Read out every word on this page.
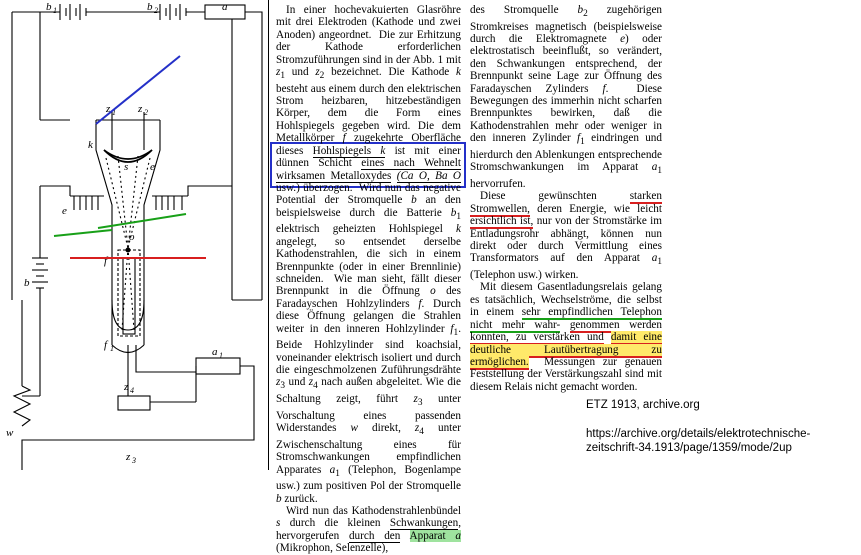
b 1	b 2	a
z 1 z 2
k
s e
e
o
f
f 1
z 4
a 1
b
z 3
w

In einer hochevakuierten Glasröhre mit drei Elektroden (Kathode und zwei Anoden) angeordnet.  Die zur Erhitzung der Kathode erforderlichen Stromzuführungen sind in der Abb. 1 mit $z_1$ und $z_2$ bezeichnet. Die Kathode k besteht aus einem durch den elektrischen Strom heizbaren, hitzebeständigen Körper, dem die Form eines Hohlspiegels gegeben wird. Die dem Metallkörper f zugekehrte Oberfläche dieses Hohlspiegels k ist mit einer dünnen Schicht eines nach Wehnelt wirksamen Metalloxydes (Ca O, Ba O usw.) überzogen.  Wird nun das negative Potential der Stromquelle b an den beispielsweise durch die Batterie $b_1$ elektrisch geheizten Hohlspiegel k angelegt, so entsendet derselbe Kathodenstrahlen, die sich in einem Brennpunkte (oder in einer Brennlinie) schneiden.  Wie man sieht, fällt dieser Brennpunkt in die Öffnung o des Faradayschen Hohlzylinders f. Durch diese Öffnung gelangen die Strahlen weiter in den inneren Hohlzylinder $f_1$. Beide Hohlzylinder sind koachsial, voneinander elektrisch isoliert und durch die eingeschmolzenen Zuführungsdrähte $z_3$ und $z_4$ nach außen abgeleitet. Wie die Schaltung zeigt, führt $z_3$ unter Vorschaltung eines passenden Widerstandes w direkt, $z_4$ unter Zwischenschaltung eines für Stromschwankungen empfindlichen Apparates $a_1$ (Telephon, Bogenlampe usw.) zum positiven Pol der Stromquelle b zurück.

Wird nun das Kathodenstrahlenbündel s durch die kleinen Schwankungen, hervorgerufen durch den Apparat a (Mikrophon, Selenzelle),

des Stromquelle $b_2$ zugehörigen Stromkreises magnetisch (beispielsweise durch die Elektromagnete e) oder elektrostatisch beeinflußt, so verändert, den Schwankungen entsprechend, der Brennpunkt seine Lage zur Öffnung des Faradayschen Zylinders f.  Diese Bewegungen des immerhin nicht scharfen Brennpunktes bewirken, daß die Kathodenstrahlen mehr oder weniger in den inneren Zylinder $f_1$ eindringen und hierdurch den Ablenkungen entsprechende Stromschwankungen im Apparat $a_1$ hervorrufen.

Diese gewünschten starken Stromwellen, deren Energie, wie leicht ersichtlich ist, nur von der Stromstärke im Entladungsrohr abhängt, können nun direkt oder durch Vermittlung eines Transformators auf den Apparat $a_1$ (Telephon usw.) wirken.

Mit diesem Gasentladungsrelais gelang es tatsächlich, Wechselströme, die selbst in einem sehr empfindlichen Telephon nicht mehr wahr- genommen werden konnten, zu verstärken und damit eine deutliche Lautübertragung zu ermöglichen.  Messungen zur genauen Feststellung der Verstärkungszahl sind mit diesem Relais nicht gemacht worden.

ETZ 1913, archive.org
https://archive.org/details/elektrotechnische-zeitschrift-34.1913/page/1359/mode/2up
